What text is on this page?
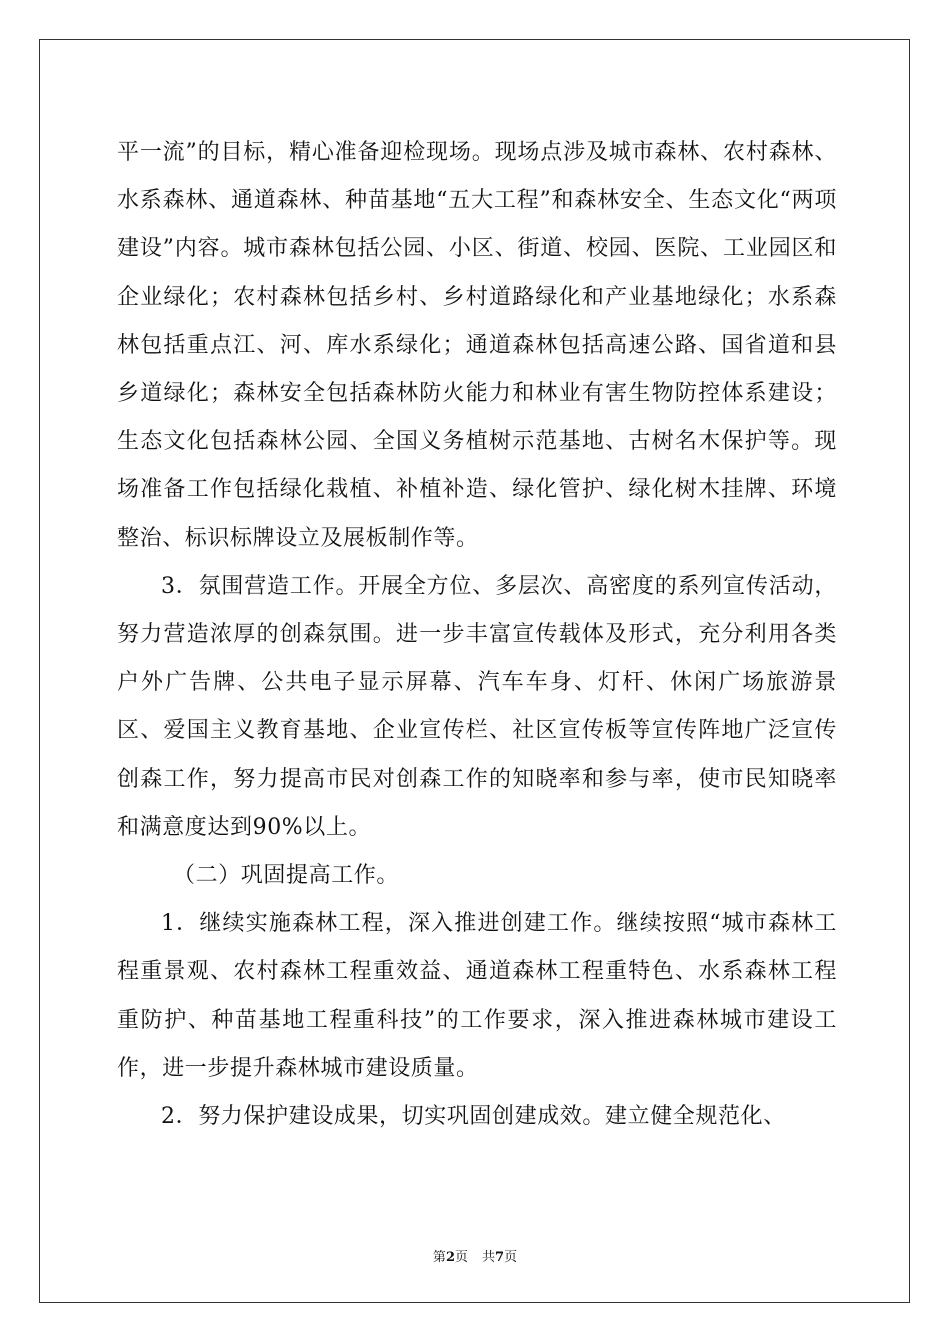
平一流”的目标，精心准备迎检现场。现场点涉及城市森林、农村森林、水系森林、通道森林、种苗基地“五大工程”和森林安全、生态文化“两项建设”内容。城市森林包括公园、小区、街道、校园、医院、工业园区和企业绿化；农村森林包括乡村、乡村道路绿化和产业基地绿化；水系森林包括重点江、河、库水系绿化；通道森林包括高速公路、国省道和县乡道绿化；森林安全包括森林防火能力和林业有害生物防控体系建设；生态文化包括森林公园、全国义务植树示范基地、古树名木保护等。现场准备工作包括绿化栽植、补植补造、绿化管护、绿化树木挂牌、环境整治、标识标牌设立及展板制作等。

3．氛围营造工作。开展全方位、多层次、高密度的系列宣传活动，努力营造浓厚的创森氛围。进一步丰富宣传载体及形式，充分利用各类户外广告牌、公共电子显示屏幕、汽车车身、灯杆、休闲广场旅游景区、爱国主义教育基地、企业宣传栏、社区宣传板等宣传阵地广泛宣传创森工作，努力提高市民对创森工作的知晓率和参与率，使市民知晓率和满意度达到90%以上。

（二）巩固提高工作。

1．继续实施森林工程，深入推进创建工作。继续按照“城市森林工程重景观、农村森林工程重效益、通道森林工程重特色、水系森林工程重防护、种苗基地工程重科技”的工作要求，深入推进森林城市建设工作，进一步提升森林城市建设质量。

2．努力保护建设成果，切实巩固创建成效。建立健全规范化、

第2页 共7页
